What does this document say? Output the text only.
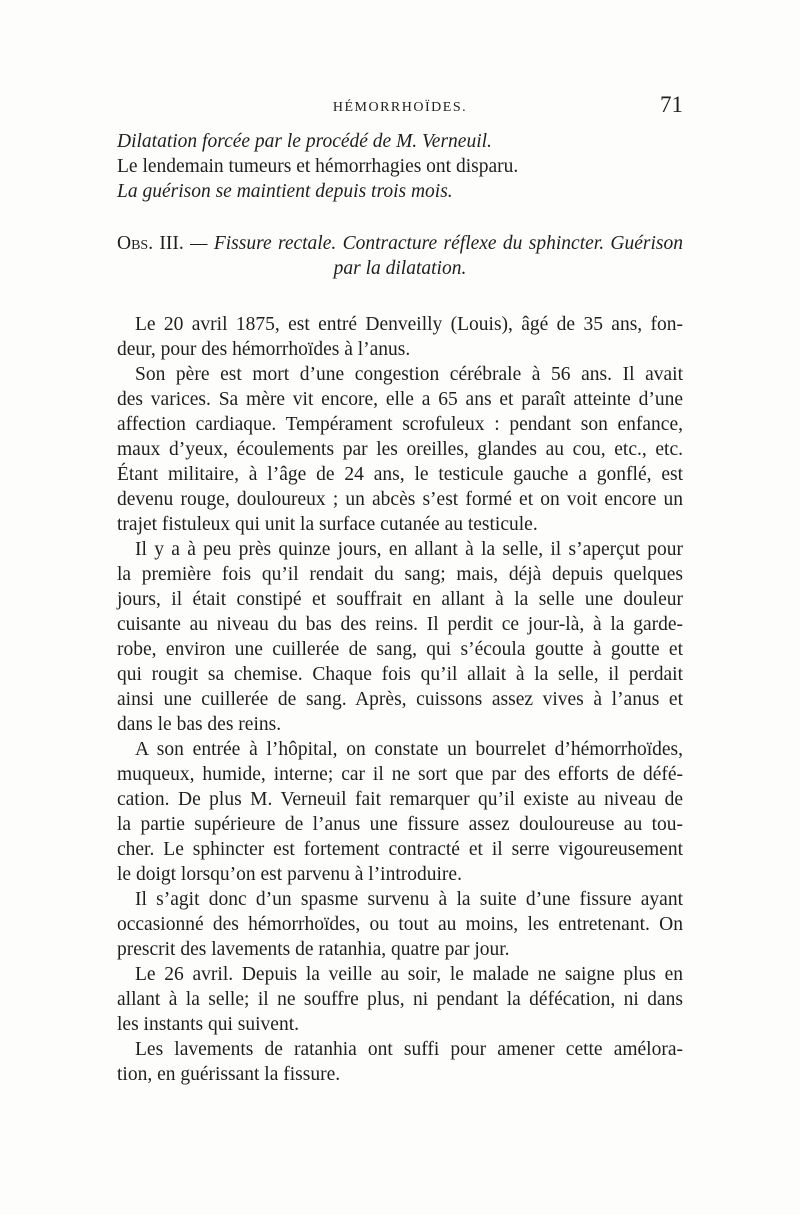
HÉMORRHOÏDES.	71
Dilatation forcée par le procédé de M. Verneuil.
Le lendemain tumeurs et hémorrhagies ont disparu.
La guérison se maintient depuis trois mois.
Obs. III. — Fissure rectale. Contracture réflexe du sphincter. Guérison
par la dilatation.
Le 20 avril 1875, est entré Denveilly (Louis), âgé de 35 ans, fon-
deur, pour des hémorrhoïdes à l’anus.
Son père est mort d’une congestion cérébrale à 56 ans. Il avait
des varices. Sa mère vit encore, elle a 65 ans et paraît atteinte d’une
affection cardiaque. Tempérament scrofuleux : pendant son enfance,
maux d’yeux, écoulements par les oreilles, glandes au cou, etc., etc.
Étant militaire, à l’âge de 24 ans, le testicule gauche a gonflé, est
devenu rouge, douloureux ; un abcès s’est formé et on voit encore un
trajet fistuleux qui unit la surface cutanée au testicule.
Il y a à peu près quinze jours, en allant à la selle, il s’aperçut pour
la première fois qu’il rendait du sang; mais, déjà depuis quelques
jours, il était constipé et souffrait en allant à la selle une douleur
cuisante au niveau du bas des reins. Il perdit ce jour-là, à la garde-
robe, environ une cuillerée de sang, qui s’écoula goutte à goutte et
qui rougit sa chemise. Chaque fois qu’il allait à la selle, il perdait
ainsi une cuillerée de sang. Après, cuissons assez vives à l’anus et
dans le bas des reins.
A son entrée à l’hôpital, on constate un bourrelet d’hémorrhoïdes,
muqueux, humide, interne; car il ne sort que par des efforts de défé-
cation. De plus M. Verneuil fait remarquer qu’il existe au niveau de
la partie supérieure de l’anus une fissure assez douloureuse au tou-
cher. Le sphincter est fortement contracté et il serre vigoureusement
le doigt lorsqu’on est parvenu à l’introduire.
Il s’agit donc d’un spasme survenu à la suite d’une fissure ayant
occasionné des hémorrhoïdes, ou tout au moins, les entretenant. On
prescrit des lavements de ratanhia, quatre par jour.
Le 26 avril. Depuis la veille au soir, le malade ne saigne plus en
allant à la selle; il ne souffre plus, ni pendant la défécation, ni dans
les instants qui suivent.
Les lavements de ratanhia ont suffi pour amener cette amélora-
tion, en guérissant la fissure.
